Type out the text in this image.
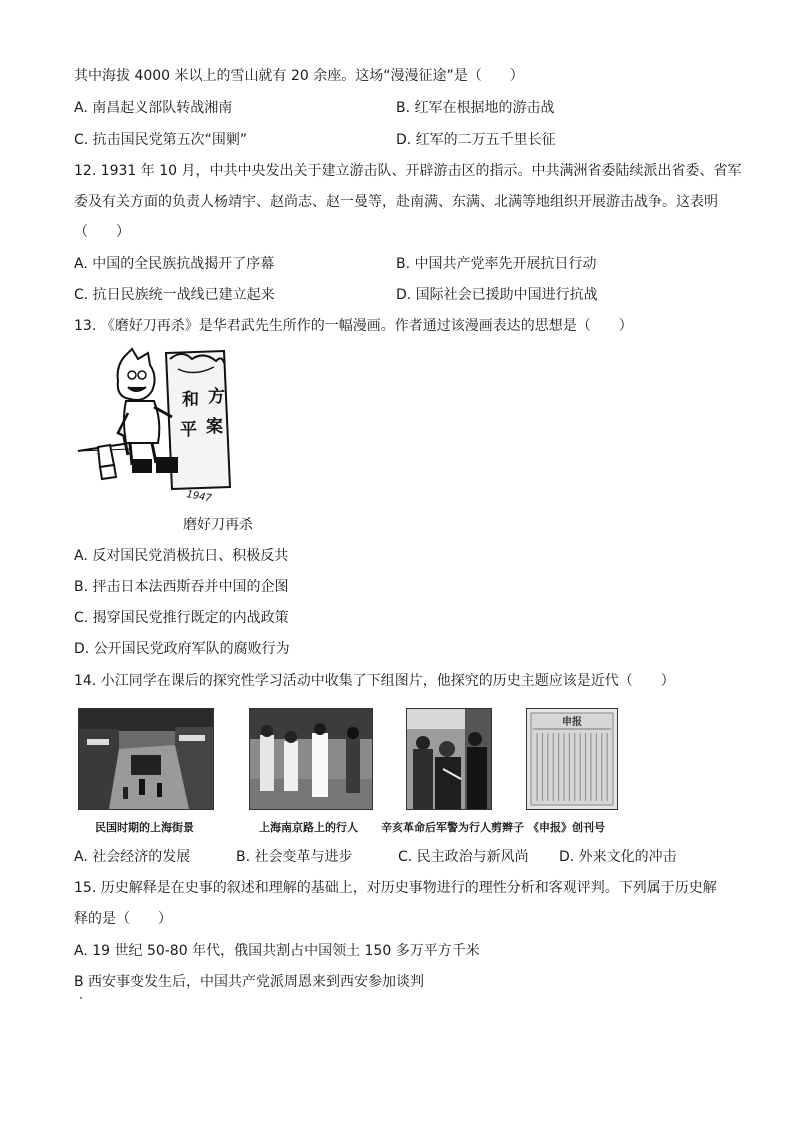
其中海拔 4000 米以上的雪山就有 20 余座。这场“漫漫征途”是（　　）
A. 南昌起义部队转战湘南	B. 红军在根据地的游击战
C. 抗击国民党第五次“围剿”	D. 红军的二万五千里长征
12. 1931 年 10 月，中共中央发出关于建立游击队、开辟游击区的指示。中共满洲省委陆续派出省委、省军
委及有关方面的负责人杨靖宇、赵尚志、赵一曼等，赴南满、东满、北满等地组织开展游击战争。这表明
（　　）
A. 中国的全民族抗战揭开了序幕	B. 中国共产党率先开展抗日行动
C. 抗日民族统一战线已建立起来	D. 国际社会已援助中国进行抗战
13. 《磨好刀再杀》是华君武先生所作的一幅漫画。作者通过该漫画表达的思想是（　　）
方
和
案
平
1947
磨好刀再杀
A. 反对国民党消极抗日、积极反共
B. 抨击日本法西斯吞并中国的企图
C. 揭穿国民党推行既定的内战政策
D. 公开国民党政府军队的腐败行为
14. 小江同学在课后的探究性学习活动中收集了下组图片，他探究的历史主题应该是近代（　　）
申报
民国时期的上海街景	上海南京路上的行人 辛亥革命后军警为行人剪辫子 《申报》创刊号
A. 社会经济的发展	B. 社会变革与进步	C. 民主政治与新风尚 D. 外来文化的冲击
15. 历史解释是在史事的叙述和理解的基础上，对历史事物进行的理性分析和客观评判。下列属于历史解
释的是（　　）
A. 19 世纪 50-80 年代，俄国共割占中国领土 150 多万平方千米
B 西安事变发生后，中国共产党派周恩来到西安参加谈判
